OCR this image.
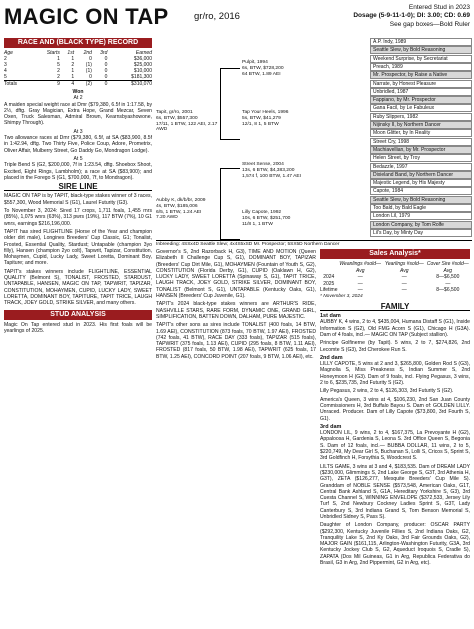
MAGIC ON TAP	gr/ro, 2016
Entered Stud in 2023
Dosage (5-9-11-1-0); DI: 3.00; CD: 0.69
See gap boxes—Bold Ruler
RACE AND (BLACK TYPE) RECORD
Age	Starts	1st	2nd	3rd	Earned
2	1	1	0	0	$36,000
3	5	2	(1)	0	$25,000
4	2	1	(1)	0	$10,000
5	2	1	0	0	$181,300
Totals	9	4	(2)	0	$310,070
Won
At 2
A maiden special weight race at Dmr ($79,380, 6.5f in 1:17.58, by 2½, dftg. Gray Magician, Extra Hope, Grand Mezcar, Seven Oxen, Truck Salesman, Admiral Brown, Kearnsbyashowone, Shimpy Through).
At 3
Two allowance races at Dmr ($79,380, 6.5f, at SA ($83,900, 8.5f in 1:42.94, dftg. Two Thirty Five, Police Coup, Adore, Prometrix, Oliver Affair, Mulberry Street, Go Daddy Go, Mondragon Lodge).
At 5
Triple Bend S (G2, $200,000, 7f in 1:23.54, dftg. Shoebox Shoot, Excited, Eight Rings, Lambholm); a race at SA ($83,900); and placed in the Forego S (G1, $700,000, 7f, to Mondragon).
SIRE LINE
MAGIC ON TAP is by TAPIT, black-type stakes winner of 3 races, $557,300, Wood Memorial S (G1), Laurel Futurity (G3).
To November 3, 2024: Sired 17 crops, 1,711 foals, 1,455 rnrs (85%), 1,075 wnrs (63%), 313 pwrs (19%), 117 BTW (7%), 10 G1 wnrs, earnings $216,196,000.
TAPIT has sired FLIGHTLINE (Horse of the Year and champion older dirt male), Longines Breeders' Cup Classic, G1; Tonalist, Frosted, Essential Quality, Stardust; Untapable (champion 3yo filly), Hansen (champion 2yo colt), Tapwrit, Tapizar, Constitution, Mohaymen, Cupid, Lucky Lady, Sweet Loretta, Dominant Boy, Tapiture; and more.
TAPIT's stakes winners include FLIGHTLINE, ESSENTIAL QUALITY (Belmont S), TONALIST, FROSTED, STARDUST, UNTAPABLE, HANSEN, MAGIC ON TAP, TAPWRIT, TAPIZAR, CONSTITUTION, MOHAYMEN, CUPID, LUCKY LADY, SWEET LORETTA, DOMINANT BOY, TAPITURE, TAPIT TRICE, LAUGH TRACK, JOEY GOLD, STRIKE SILVER, and many others.
STUD ANALYSIS
Magic On Tap entered stud in 2023. His first foals will be yearlings of 2025.
Tapit, gr/ro, 2001
6s, BTW, $557,300
17/11, 1 BTW, 122 AEI, 2.17 AWD
Aubby K, dk/b/br, 2009
4s, BTW, $185,006
6/5, 1 BTW, 1.24 AEI
7.20 AWD
Pulpit, 1994
6s, BTW, $728,200
64 BTW, 1.89 AEI
Tap Your Heels, 1996
5s, BTW, $41,279
12/1, 8 1, 5 BTW
Street Sense, 2004
13s, 6 BTW, $4,383,200
1,574 f, 100 BTW, 1.47 AEI
Lilly Capote, 1992
10s, 6 BTW, $251,700
11/8 1, 1 BTW
A.P. Indy, 1989
Seattle Slew, by Bold Reasoning
Weekend Surprise, by Secretariat
Preach, 1989
Mr. Prospector, by Raise a Native
Narrate, by Honest Pleasure
Unbridled, 1987
Fappiano, by Mr. Prospector
Gana Facil, by Le Fabuleux
Ruby Slippers, 1982
Nijinsky II, by Northern Dancer
Moon Glitter, by In Reality
Street Cry, 1998
Machiavellian, by Mr. Prospector
Helen Street, by Troy
Bedazzle, 1997
Dixieland Band, by Northern Dancer
Majestic Legend, by His Majesty
Capote, 1984
Seattle Slew, by Bold Reasoning
Too Bald, by Bald Eagle
London Lil, 1979
London Company, by Tom Rolfe
Lil's Day, by Minty Day
Inbreeding: 4SSx4D Seattle Slew; 4x4S5xSD Mr. Prospector; 5SX5D Northern Dancer
Governor's S, 2nd Razorback H, G3), TIME AND MOTION (Queen Elizabeth II Challenge Cup S, G1), DOMINANT BOY, TAPIZAR (Breeders' Cup Dirt Mile, G1), MOHAYMEN (Fountain of Youth S, G2), CONSTITUTION (Florida Derby, G1), CUPID (Oaklawn H, G2), LUCKY LADY, SWEET LORETTA (Spinaway S, G1), TAPIT TRICE, LAUGH TRACK, JOEY GOLD, STRIKE SILVER, DOMINANT BOY, TONALIST (Belmont S, G1), UNTAPABLE (Kentucky Oaks, G1), HANSEN (Breeders' Cup Juvenile, G1).
TAPIT's 2024 black-type stakes winners are ARTHUR'S RIDE, NASHVILLE STARS, RARE FORM, DYNAMIC ONE, GRAND GIRL, SIMPLIFICATION, BATTEN DOWN, DALHAM, PURE MAJESTIC.
TAPIT's other sons as sires include TONALIST (400 foals, 14 BTW, 1.69 AEI), CONSTITUTION (873 foals, 70 BTW, 1.97 AEI), FROSTED (742 foals, 41 BTW), RACE DAY (333 foals), TAPIZAR (515 foals), TAPWRIT (375 foals, 1.13 AEI), CUPID (295 foals, 8 BTW, 1.11 AEI), FROSTED (817 foals, 50 BTW, 1.98 AEI), TAPWRIT (625 foals, 17 BTW, 1.25 AEI), CONCORD POINT (207 foals, 9 BTW, 1.06 AEI), etc.
Sales Analysis*
	Weanlings #sold—Avg	Yearlings #sold—Avg	Cover Sire #sold—Avg
2024	—	—	8—$6,500
2025	—	—	—
Lifetime	—	—	8—$6,500
* November 3, 2024
FAMILY
1st dam
AUBBY K, 4 wins, 2 to 4, $435,004, Humana Distaff S (G1), Inside Information S (G2), Old FMG Acorn S (G1), Chicago H (G3A). Dam of 4 foals, incl.— MAGIC ON TAP (Subject stallion).
Principe Golfinerne (by Tapit). 5 wins, 2 to 7, $274,826, 2nd Lecomte S (G3), 3rd Cherokee Run S.
2nd dam
LILLY CAPOTE, 5 wins at 2 and 3, $265,800, Golden Rod S (G3), Magnolia S, Miss Preakness S, Indian Summer S, 2nd Honeymoon H (G3). Dam of 9 foals, incl. Flying Pegasus, 3 wins, 2 to 6, $235,735, 2nd Futurity S (G2).
Lilly Pegasus, 2 wins, 2 to 4, $126,303, 3rd Futurity S (G2).
America's Queen, 3 wins at 4, $106,230, 2nd San Juan County Commissioners H, 3rd Buffalo Bayou S. Dam of: GOLDEN LILLY. Unraced. Producer. Dam of Lilly Capote ($73,800, 3rd Fourth S, G1).
3rd dam
LONDON LIL, 9 wins, 2 to 4, $167,375, La Prevoyante H (G2), Appaloosa H, Gardenia S, Leona S. 3rd Office Queen S, Begonia S. Dam of 12 foals, incl.— BUBBA DOLLAR, 11 wins, 2 to 5, $220,749, My Dear Girl S, Buchanan S, Lolli S, Cricos S, Sprint S, 3rd Goldfinch H, Forsythia S, Woodcrest S.
LILTS GAME, 3 wins at 3 and 4, $183,535. Dam of DREAM LADY ($230,000, Glimmings S, 2nd Lake George S, G3T, 3rd Athenia H, G3T), ZETA ($126,277, Mesquite Breeders' Cup Mile S). Granddam of NOBLE SENSE ($573,548, American Oaks, G1T, Central Bank Ashland S, G1A, Hereditary Yorkshire S, G3), 3rd Cuesta Channel S, WINNING ENVELOPE ($372,533, Jersey Lily Turf S, 2nd Newbury Cockney Ladies Sprint S, G3T, Lady Canterbury S, 3rd Indiana Grand S, Tom Benson Memorial S, Unbridled Sidney S, Pass S).
Daughter of London Company, producer: OSCAR PARTY ($292,300, Kentucky Juvenile Fillies S, 2nd Indiana Oaks, G2, Tranquility Lake S, 2nd Ky Oaks, 3rd Fair Grounds Oaks, G2), MAJOR GAIN ($161,115, Arlington-Washington Futurity, G3A, 3rd Kentucky Jockey Club S, G2, Aqueduct Iroquois S, Cradle S), ZAPATA (Dos Mil Guineas, G1 in Arg, Republica Federativa do Brasil, G3 in Arg, 2nd Pippermint, G2 in Arg, etc).
